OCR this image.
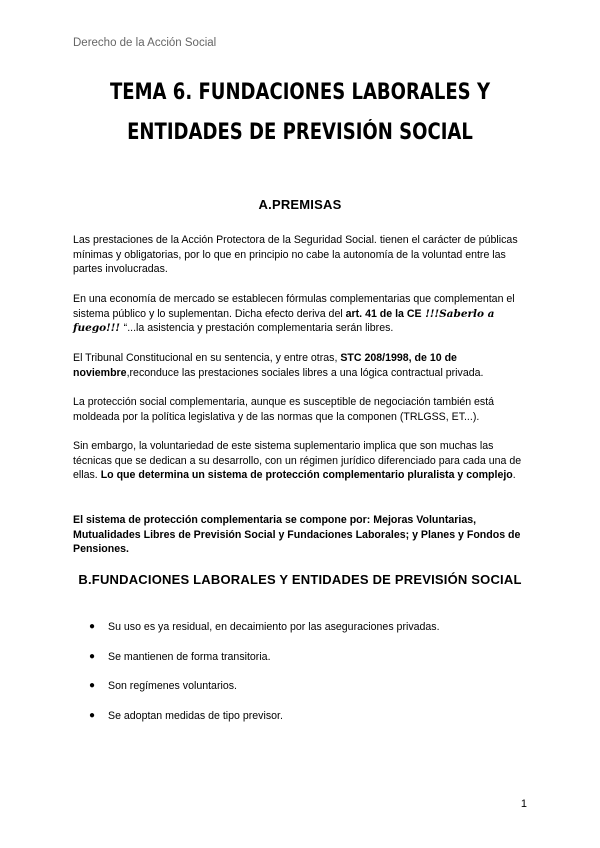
Derecho de la Acción Social
TEMA 6. FUNDACIONES LABORALES Y
ENTIDADES DE PREVISIÓN SOCIAL
A.PREMISAS

Las prestaciones de la Acción Protectora de la Seguridad Social. tienen el carácter de públicas mínimas y obligatorias, por lo que en principio no cabe la autonomía de la voluntad entre las partes involucradas.

En una economía de mercado se establecen fórmulas complementarias que complementan el sistema público y lo suplementan. Dicha efecto deriva del art. 41 de la CE !!!Saberlo a fuego!!! “...la asistencia y prestación complementaria serán libres.

El Tribunal Constitucional en su sentencia, y entre otras, STC 208/1998, de 10 de noviembre,reconduce las prestaciones sociales libres a una lógica contractual privada.

La protección social complementaria, aunque es susceptible de negociación también está moldeada por la política legislativa y de las normas que la componen (TRLGSS, ET...).

Sin embargo, la voluntariedad de este sistema suplementario implica que son muchas las técnicas que se dedican a su desarrollo, con un régimen jurídico diferenciado para cada una de ellas. Lo que determina un sistema de protección complementario pluralista y complejo.

El sistema de protección complementaria se compone por: Mejoras Voluntarias, Mutualidades Libres de Previsión Social y Fundaciones Laborales; y Planes y Fondos de Pensiones.

B.FUNDACIONES LABORALES Y ENTIDADES DE PREVISIÓN SOCIAL
● Su uso es ya residual, en decaimiento por las aseguraciones privadas.
● Se mantienen de forma transitoria.
● Son regímenes voluntarios.
● Se adoptan medidas de tipo previsor.
1
